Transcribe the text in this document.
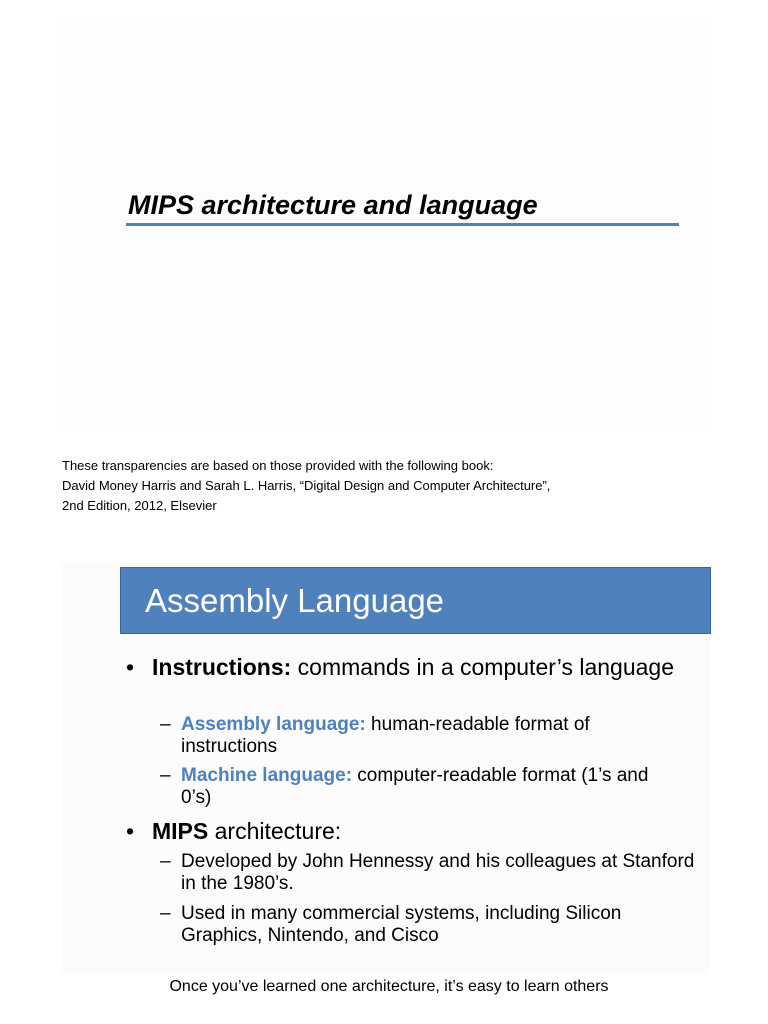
MIPS architecture and language
These transparencies are based on those provided with the following book:
David Money Harris and Sarah L. Harris, “Digital Design and Computer Architecture”,
2nd Edition, 2012, Elsevier
Assembly Language
• Instructions: commands in a computer’s language
– Assembly language: human-readable format of instructions
– Machine language: computer-readable format (1’s and 0’s)
• MIPS architecture:
– Developed by John Hennessy and his colleagues at Stanford in the 1980’s.
– Used in many commercial systems, including Silicon Graphics, Nintendo, and Cisco
Once you’ve learned one architecture, it’s easy to learn others
